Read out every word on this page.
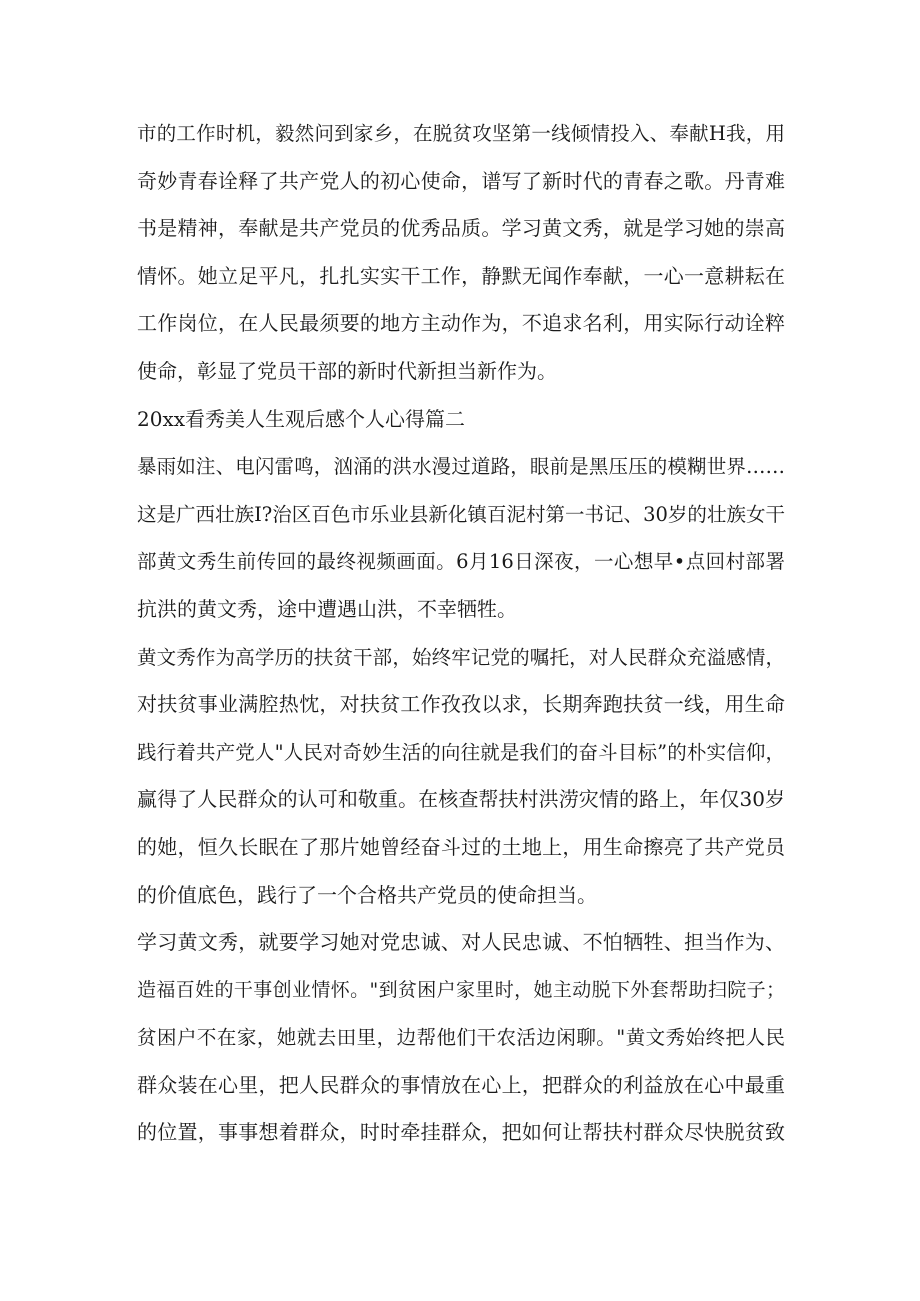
市的工作时机，毅然问到家乡，在脱贫攻坚第一线倾情投入、奉献H我，用
奇妙青春诠释了共产党人的初心使命，谱写了新时代的青春之歌。丹青难
书是精神，奉献是共产党员的优秀品质。学习黄文秀，就是学习她的崇高
情怀。她立足平凡，扎扎实实干工作，静默无闻作奉献，一心一意耕耘在
工作岗位，在人民最须要的地方主动作为，不追求名利，用实际行动诠粹
使命，彰显了党员干部的新时代新担当新作为。
20xx看秀美人生观后感个人心得篇二
暴雨如注、电闪雷鸣，汹涌的洪水漫过道路，眼前是黑压压的模糊世界……
这是广西壮族I?治区百色市乐业县新化镇百泥村第一书记、30岁的壮族女干
部黄文秀生前传回的最终视频画面。6月16日深夜，一心想早•点回村部署
抗洪的黄文秀，途中遭遇山洪，不幸牺牲。
黄文秀作为高学历的扶贫干部，始终牢记党的嘱托，对人民群众充溢感情，
对扶贫事业满腔热忱，对扶贫工作孜孜以求，长期奔跑扶贫一线，用生命
践行着共产党人"人民对奇妙生活的向往就是我们的奋斗目标”的朴实信仰，
赢得了人民群众的认可和敬重。在核查帮扶村洪涝灾情的路上，年仅30岁
的她，恒久长眠在了那片她曾经奋斗过的土地上，用生命擦亮了共产党员
的价值底色，践行了一个合格共产党员的使命担当。
学习黄文秀，就要学习她对党忠诚、对人民忠诚、不怕牺牲、担当作为、
造福百姓的干事创业情怀。"到贫困户家里时，她主动脱下外套帮助扫院子；
贫困户不在家，她就去田里，边帮他们干农活边闲聊。"黄文秀始终把人民
群众装在心里，把人民群众的事情放在心上，把群众的利益放在心中最重
的位置，事事想着群众，时时牵挂群众，把如何让帮扶村群众尽快脱贫致
